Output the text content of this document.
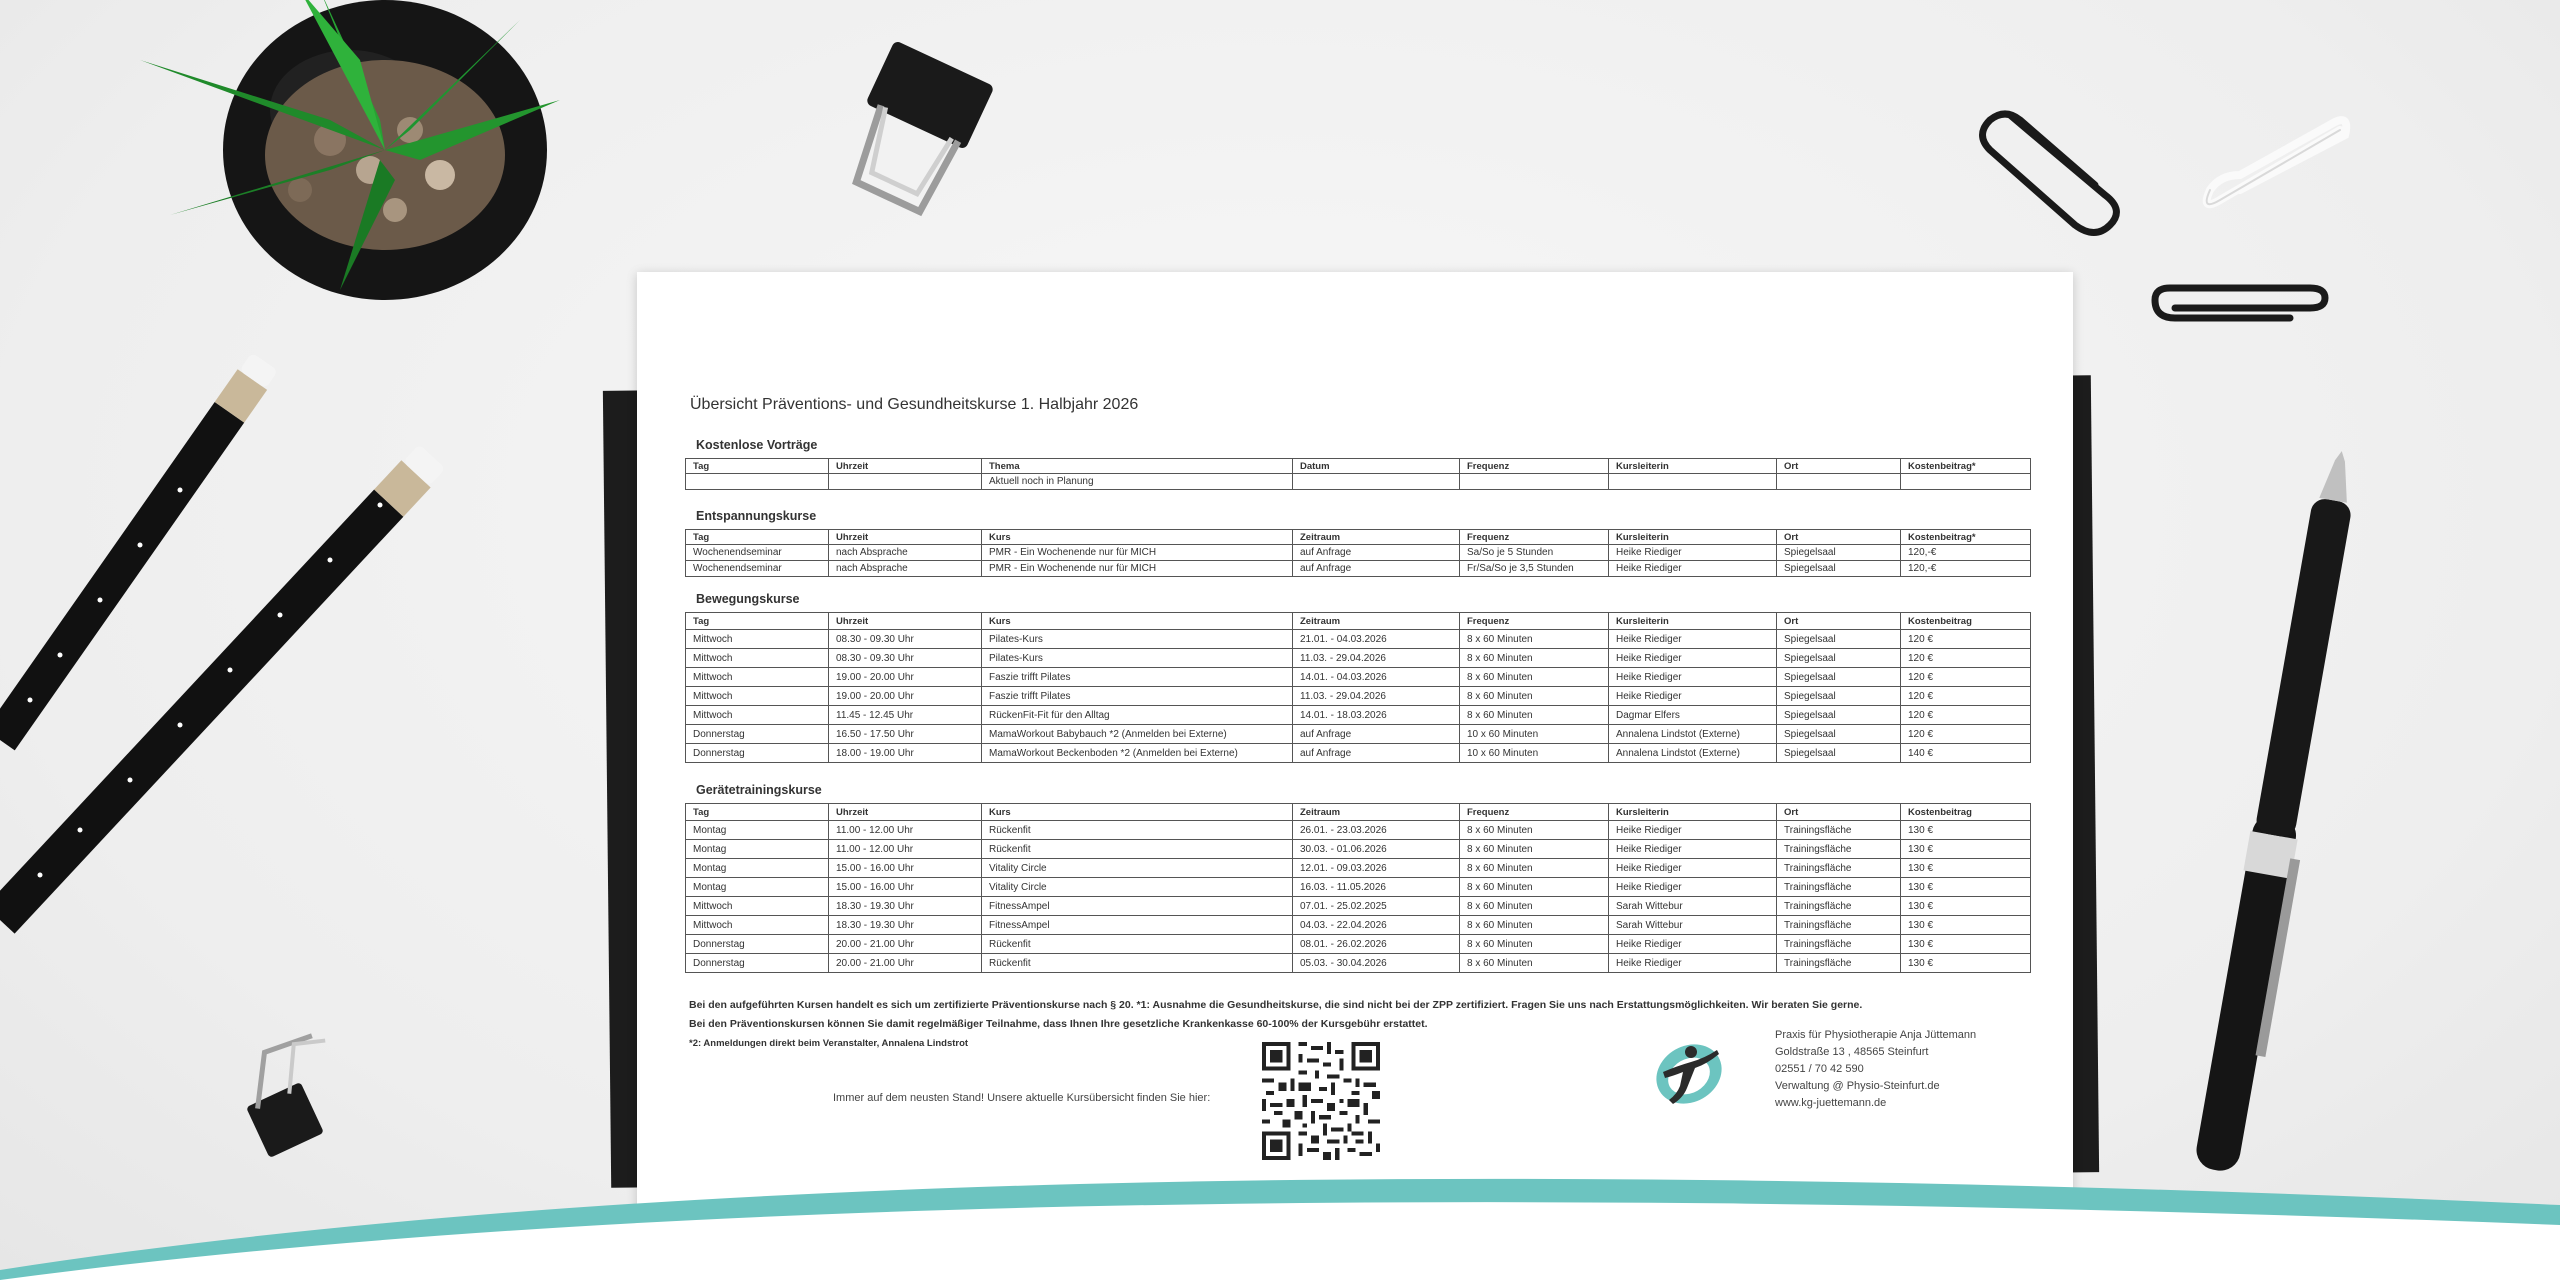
Übersicht Präventions- und Gesundheitskurse 1. Halbjahr 2026
Kostenlose Vorträge
Tag	Uhrzeit	Thema	Datum	Frequenz	Kursleiterin	Ort	Kostenbeitrag*
		Aktuell noch in Planung					
Entspannungskurse
Tag	Uhrzeit	Kurs	Zeitraum	Frequenz	Kursleiterin	Ort	Kostenbeitrag*
Wochenendseminar	nach Absprache	PMR - Ein Wochenende nur für MICH	auf Anfrage	Sa/So je 5 Stunden	Heike Riediger	Spiegelsaal	120,-€
Wochenendseminar	nach Absprache	PMR - Ein Wochenende nur für MICH	auf Anfrage	Fr/Sa/So je 3,5 Stunden	Heike Riediger	Spiegelsaal	120,-€
Bewegungskurse
Tag	Uhrzeit	Kurs	Zeitraum	Frequenz	Kursleiterin	Ort	Kostenbeitrag
Mittwoch	08.30 - 09.30 Uhr	Pilates-Kurs	21.01. - 04.03.2026	8 x 60 Minuten	Heike Riediger	Spiegelsaal	120 €
Mittwoch	08.30 - 09.30 Uhr	Pilates-Kurs	11.03. - 29.04.2026	8 x 60 Minuten	Heike Riediger	Spiegelsaal	120 €
Mittwoch	19.00 - 20.00 Uhr	Faszie trifft Pilates	14.01. - 04.03.2026	8 x 60 Minuten	Heike Riediger	Spiegelsaal	120 €
Mittwoch	19.00 - 20.00 Uhr	Faszie trifft Pilates	11.03. - 29.04.2026	8 x 60 Minuten	Heike Riediger	Spiegelsaal	120 €
Mittwoch	11.45 - 12.45 Uhr	RückenFit-Fit für den Alltag	14.01. - 18.03.2026	8 x 60 Minuten	Dagmar Elfers	Spiegelsaal	120 €
Donnerstag	16.50 - 17.50 Uhr	MamaWorkout Babybauch *2 (Anmelden bei Externe)	auf Anfrage	10 x 60 Minuten	Annalena Lindstot (Externe)	Spiegelsaal	120 €
Donnerstag	18.00 - 19.00 Uhr	MamaWorkout Beckenboden *2 (Anmelden bei Externe)	auf Anfrage	10 x 60 Minuten	Annalena Lindstot (Externe)	Spiegelsaal	140 €
Gerätetrainingskurse
Tag	Uhrzeit	Kurs	Zeitraum	Frequenz	Kursleiterin	Ort	Kostenbeitrag
Montag	11.00 - 12.00 Uhr	Rückenfit	26.01. - 23.03.2026	8 x 60 Minuten	Heike Riediger	Trainingsfläche	130 €
Montag	11.00 - 12.00 Uhr	Rückenfit	30.03. - 01.06.2026	8 x 60 Minuten	Heike Riediger	Trainingsfläche	130 €
Montag	15.00 - 16.00 Uhr	Vitality Circle	12.01. - 09.03.2026	8 x 60 Minuten	Heike Riediger	Trainingsfläche	130 €
Montag	15.00 - 16.00 Uhr	Vitality Circle	16.03. - 11.05.2026	8 x 60 Minuten	Heike Riediger	Trainingsfläche	130 €
Mittwoch	18.30 - 19.30 Uhr	FitnessAmpel	07.01. - 25.02.2025	8 x 60 Minuten	Sarah Wittebur	Trainingsfläche	130 €
Mittwoch	18.30 - 19.30 Uhr	FitnessAmpel	04.03. - 22.04.2026	8 x 60 Minuten	Sarah Wittebur	Trainingsfläche	130 €
Donnerstag	20.00 - 21.00 Uhr	Rückenfit	08.01. - 26.02.2026	8 x 60 Minuten	Heike Riediger	Trainingsfläche	130 €
Donnerstag	20.00 - 21.00 Uhr	Rückenfit	05.03. - 30.04.2026	8 x 60 Minuten	Heike Riediger	Trainingsfläche	130 €
Bei den aufgeführten Kursen handelt es sich um zertifizierte Präventionskurse nach § 20. *1: Ausnahme die Gesundheitskurse, die sind nicht bei der ZPP zertifiziert. Fragen Sie uns nach Erstattungsmöglichkeiten. Wir beraten Sie gerne.
Bei den Präventionskursen können Sie damit regelmäßiger Teilnahme, dass Ihnen Ihre gesetzliche Krankenkasse 60-100% der Kursgebühr erstattet.
*2: Anmeldungen direkt beim Veranstalter, Annalena Lindstrot
Immer auf dem neusten Stand! Unsere aktuelle Kursübersicht finden Sie hier:
Praxis für Physiotherapie Anja Jüttemann
Goldstraße 13 , 48565 Steinfurt
02551 / 70 42 590
Verwaltung @ Physio-Steinfurt.de
www.kg-juettemann.de
